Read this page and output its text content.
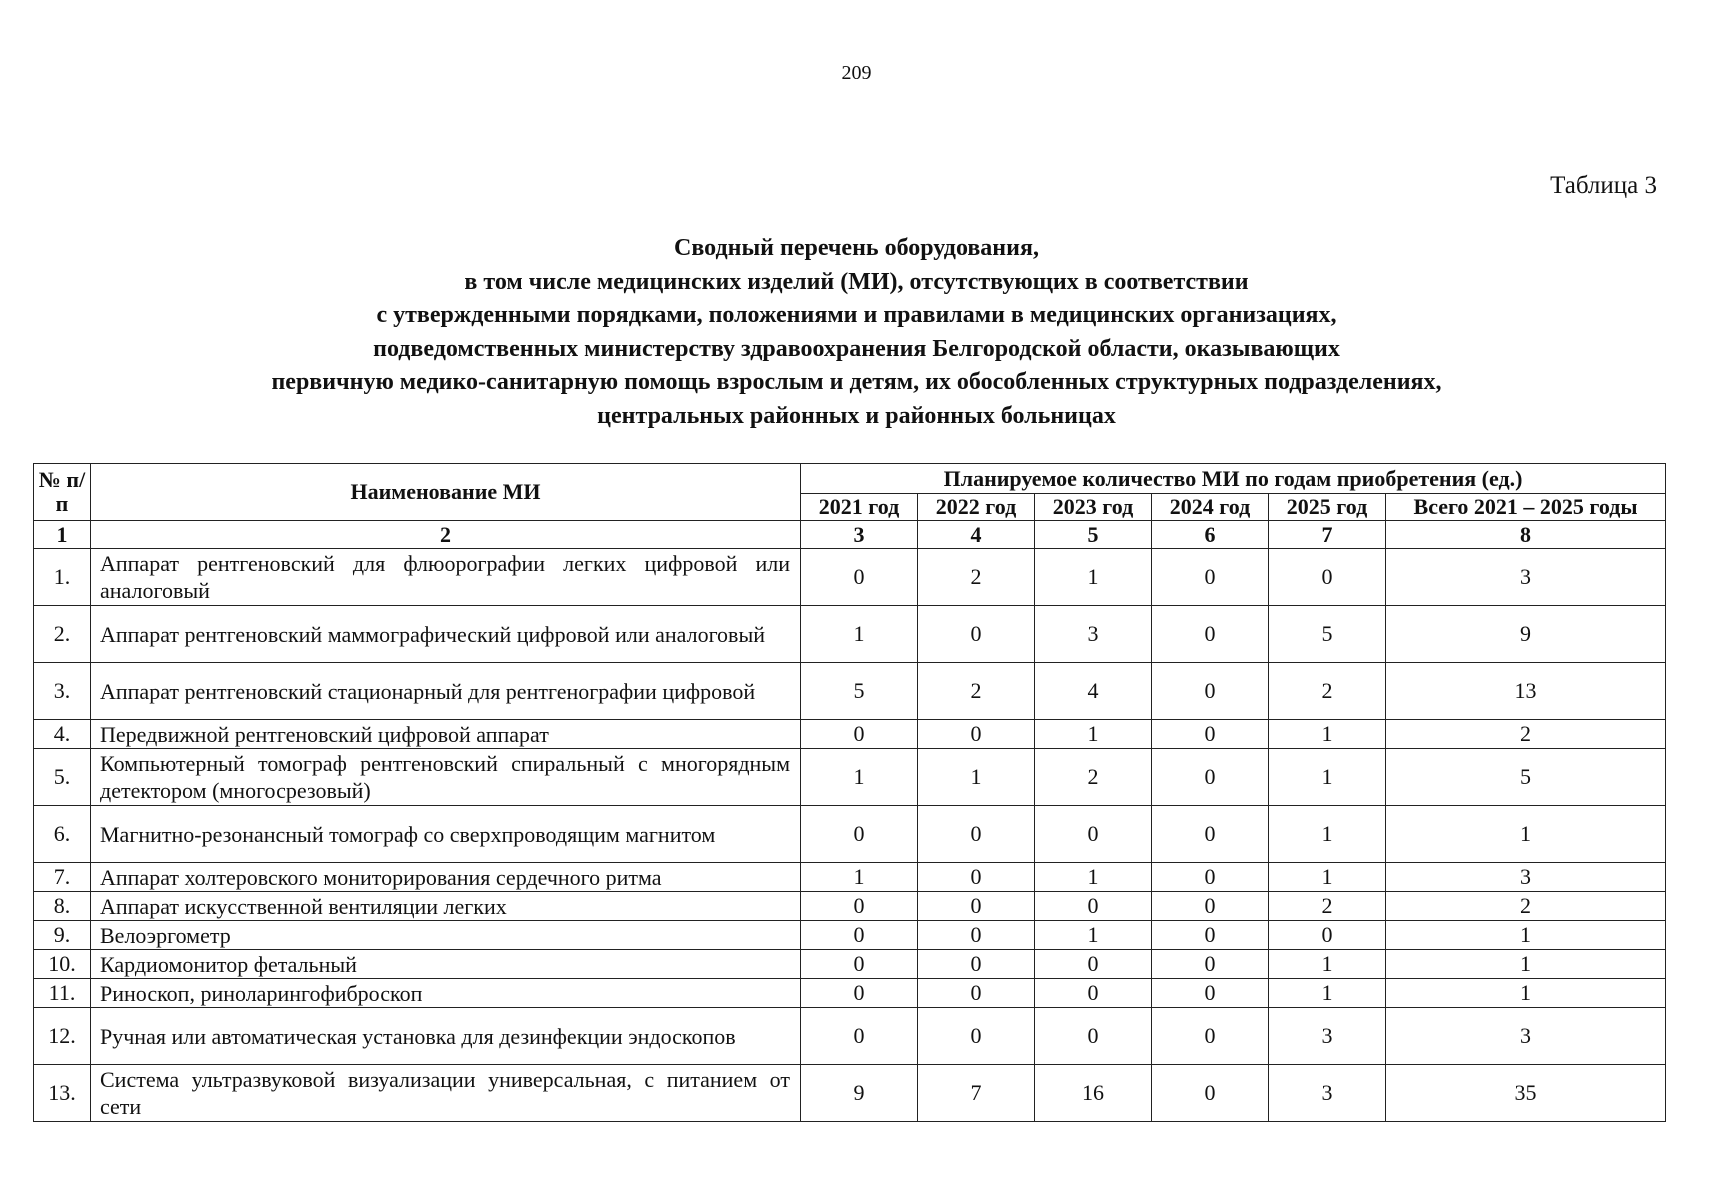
209
Таблица 3
Сводный перечень оборудования,
в том числе медицинских изделий (МИ), отсутствующих в соответствии
с утвержденными порядками, положениями и правилами в медицинских организациях,
подведомственных министерству здравоохранения Белгородской области, оказывающих
первичную медико-санитарную помощь взрослым и детям, их обособленных структурных подразделениях,
центральных районных и районных больницах
№ п/п	Наименование МИ	Планируемое количество МИ по годам приобретения (ед.)					
		2021 год	2022 год	2023 год	2024 год	2025 год	Всего 2021 – 2025 годы
1	2	3	4	5	6	7	8
1.	Аппарат рентгеновский для флюорографии легких цифровой или аналоговый	0	2	1	0	0	3
2.	Аппарат рентгеновский маммографический цифровой или аналоговый	1	0	3	0	5	9
3.	Аппарат рентгеновский стационарный для рентгенографии цифровой	5	2	4	0	2	13
4.	Передвижной рентгеновский цифровой аппарат	0	0	1	0	1	2
5.	Компьютерный томограф рентгеновский спиральный с многорядным детектором (многосрезовый)	1	1	2	0	1	5
6.	Магнитно-резонансный томограф со сверхпроводящим магнитом	0	0	0	0	1	1
7.	Аппарат холтеровского мониторирования сердечного ритма	1	0	1	0	1	3
8.	Аппарат искусственной вентиляции легких	0	0	0	0	2	2
9.	Велоэргометр	0	0	1	0	0	1
10.	Кардиомонитор фетальный	0	0	0	0	1	1
11.	Риноскоп, риноларингофиброскоп	0	0	0	0	1	1
12.	Ручная или автоматическая установка для дезинфекции эндоскопов	0	0	0	0	3	3
13.	Система ультразвуковой визуализации универсальная, с питанием от сети	9	7	16	0	3	35
